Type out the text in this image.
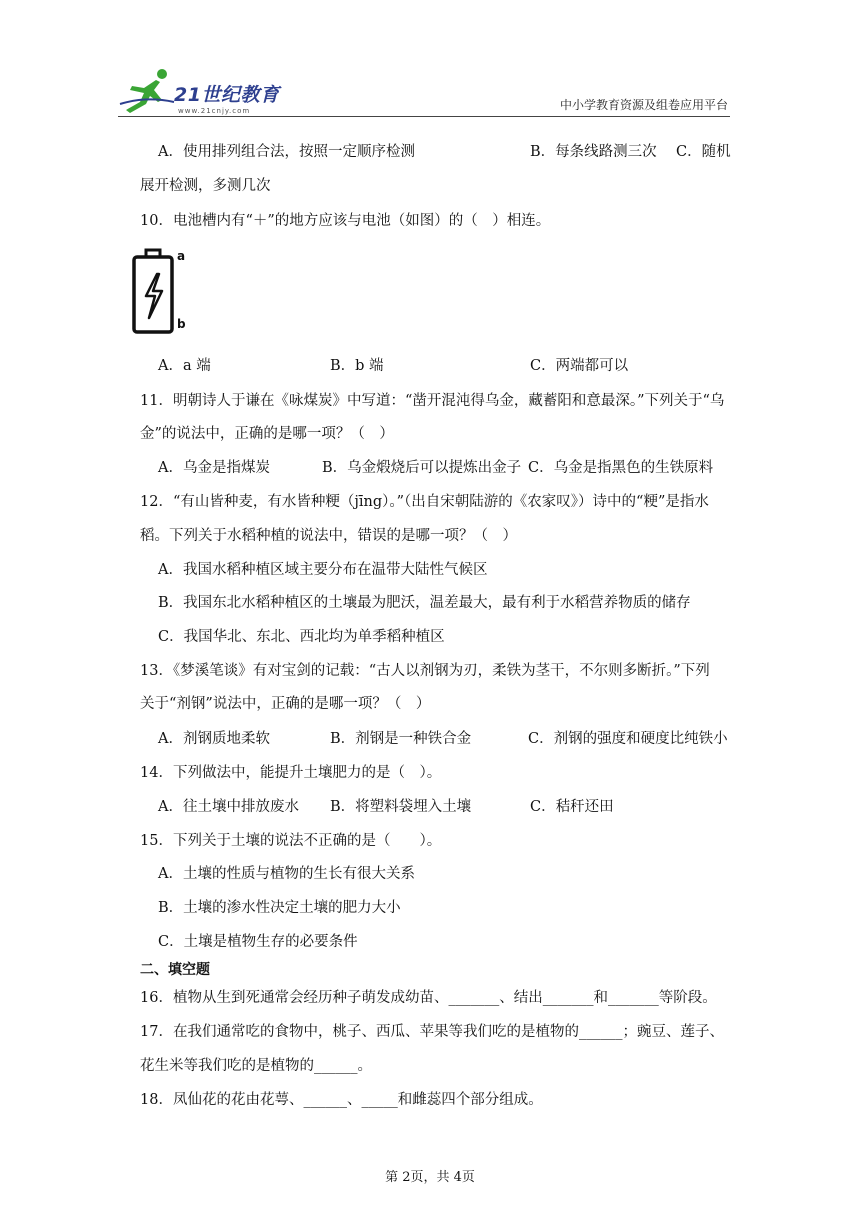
21世纪教育
www.21cnjy.com	中小学教育资源及组卷应用平台
A．使用排列组合法，按照一定顺序检测	B．每条线路测三次 C．随机
展开检测，多测几次
10．电池槽内有“＋”的地方应该与电池（如图）的（　）相连。
a
b
A．a 端	B．b 端	C．两端都可以
11．明朝诗人于谦在《咏煤炭》中写道：“凿开混沌得乌金，藏蓄阳和意最深。”下列关于“乌
金”的说法中，正确的是哪一项？（　）
A．乌金是指煤炭	B．乌金煅烧后可以提炼出金子 C．乌金是指黑色的生铁原料
12．“有山皆种麦，有水皆种粳（jīng）。”（出自宋朝陆游的《农家叹》）诗中的“粳”是指水
稻。下列关于水稻种植的说法中，错误的是哪一项？（　）
A．我国水稻种植区域主要分布在温带大陆性气候区
B．我国东北水稻种植区的土壤最为肥沃，温差最大，最有利于水稻营养物质的储存
C．我国华北、东北、西北均为单季稻种植区
13．《梦溪笔谈》有对宝剑的记载：“古人以剂钢为刃，柔铁为茎干，不尔则多断折。”下列
关于“剂钢”说法中，正确的是哪一项？（　）
A．剂钢质地柔软	B．剂钢是一种铁合金	C．剂钢的强度和硬度比纯铁小
14．下列做法中，能提升土壤肥力的是（　）。
A．往土壤中排放废水 B．将塑料袋埋入土壤	C．秸秆还田
15．下列关于土壤的说法不正确的是（　　）。
A．土壤的性质与植物的生长有很大关系
B．土壤的渗水性决定土壤的肥力大小
C．土壤是植物生存的必要条件
二、填空题
16．植物从生到死通常会经历种子萌发成幼苗、_______、结出_______和_______等阶段。
17．在我们通常吃的食物中，桃子、西瓜、苹果等我们吃的是植物的______；豌豆、莲子、
花生米等我们吃的是植物的______。
18．凤仙花的花由花萼、______、_____和雌蕊四个部分组成。
第 2页，共 4页
